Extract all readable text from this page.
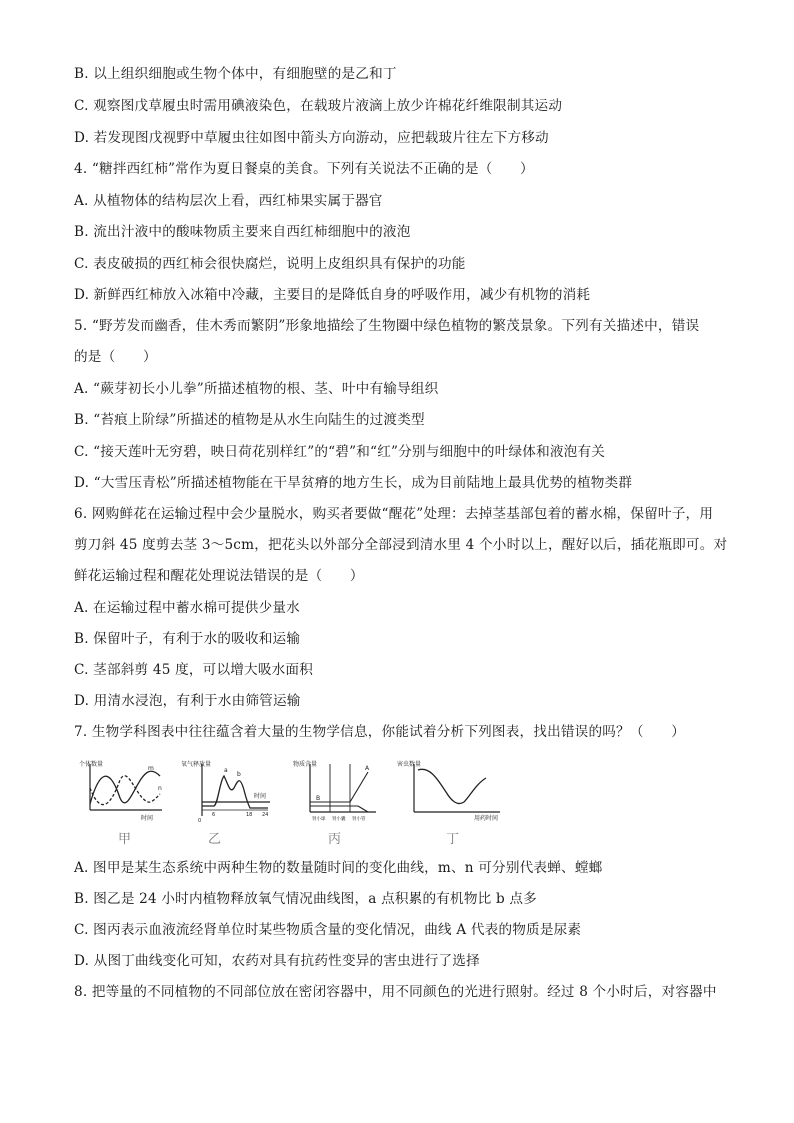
B. 以上组织细胞或生物个体中，有细胞壁的是乙和丁
C. 观察图戊草履虫时需用碘液染色，在载玻片液滴上放少许棉花纤维限制其运动
D. 若发现图戊视野中草履虫往如图中箭头方向游动，应把载玻片往左下方移动
4. “糖拌西红柿”常作为夏日餐桌的美食。下列有关说法不正确的是（　　）
A. 从植物体的结构层次上看，西红柿果实属于器官
B. 流出汁液中的酸味物质主要来自西红柿细胞中的液泡
C. 表皮破损的西红柿会很快腐烂，说明上皮组织具有保护的功能
D. 新鲜西红柿放入冰箱中冷藏，主要目的是降低自身的呼吸作用，减少有机物的消耗
5. “野芳发而幽香，佳木秀而繁阴”形象地描绘了生物圈中绿色植物的繁茂景象。下列有关描述中，错误
的是（　　）
A. “蕨芽初长小儿拳”所描述植物的根、茎、叶中有输导组织
B. “苔痕上阶绿”所描述的植物是从水生向陆生的过渡类型
C. “接天莲叶无穷碧，映日荷花别样红”的“碧”和“红”分别与细胞中的叶绿体和液泡有关
D. “大雪压青松”所描述植物能在干旱贫瘠的地方生长，成为目前陆地上最具优势的植物类群
6. 网购鲜花在运输过程中会少量脱水，购买者要做“醒花”处理：去掉茎基部包着的蓄水棉，保留叶子，用
剪刀斜 45 度剪去茎 3～5cm，把花头以外部分全部浸到清水里 4 个小时以上，醒好以后，插花瓶即可。对
鲜花运输过程和醒花处理说法错误的是（　　）
A. 在运输过程中蓄水棉可提供少量水
B. 保留叶子，有利于水的吸收和运输
C. 茎部斜剪 45 度，可以增大吸水面积
D. 用清水浸泡，有利于水由筛管运输
7. 生物学科图表中往往蕴含着大量的生物学信息，你能试着分析下列图表，找出错误的吗？（　　）
个体数量
时间
m
n
甲
氧气释放量
时间
a
b
0
6	18 24
乙
物质含量
A
B
肾小球 肾小囊 肾小管
丙
害虫数量
用药时间
丁
A. 图甲是某生态系统中两种生物的数量随时间的变化曲线，m、n 可分别代表蝉、螳螂
B. 图乙是 24 小时内植物释放氧气情况曲线图，a 点积累的有机物比 b 点多
C. 图丙表示血液流经肾单位时某些物质含量的变化情况，曲线 A 代表的物质是尿素
D. 从图丁曲线变化可知，农药对具有抗药性变异的害虫进行了选择
8. 把等量的不同植物的不同部位放在密闭容器中，用不同颜色的光进行照射。经过 8 个小时后，对容器中
